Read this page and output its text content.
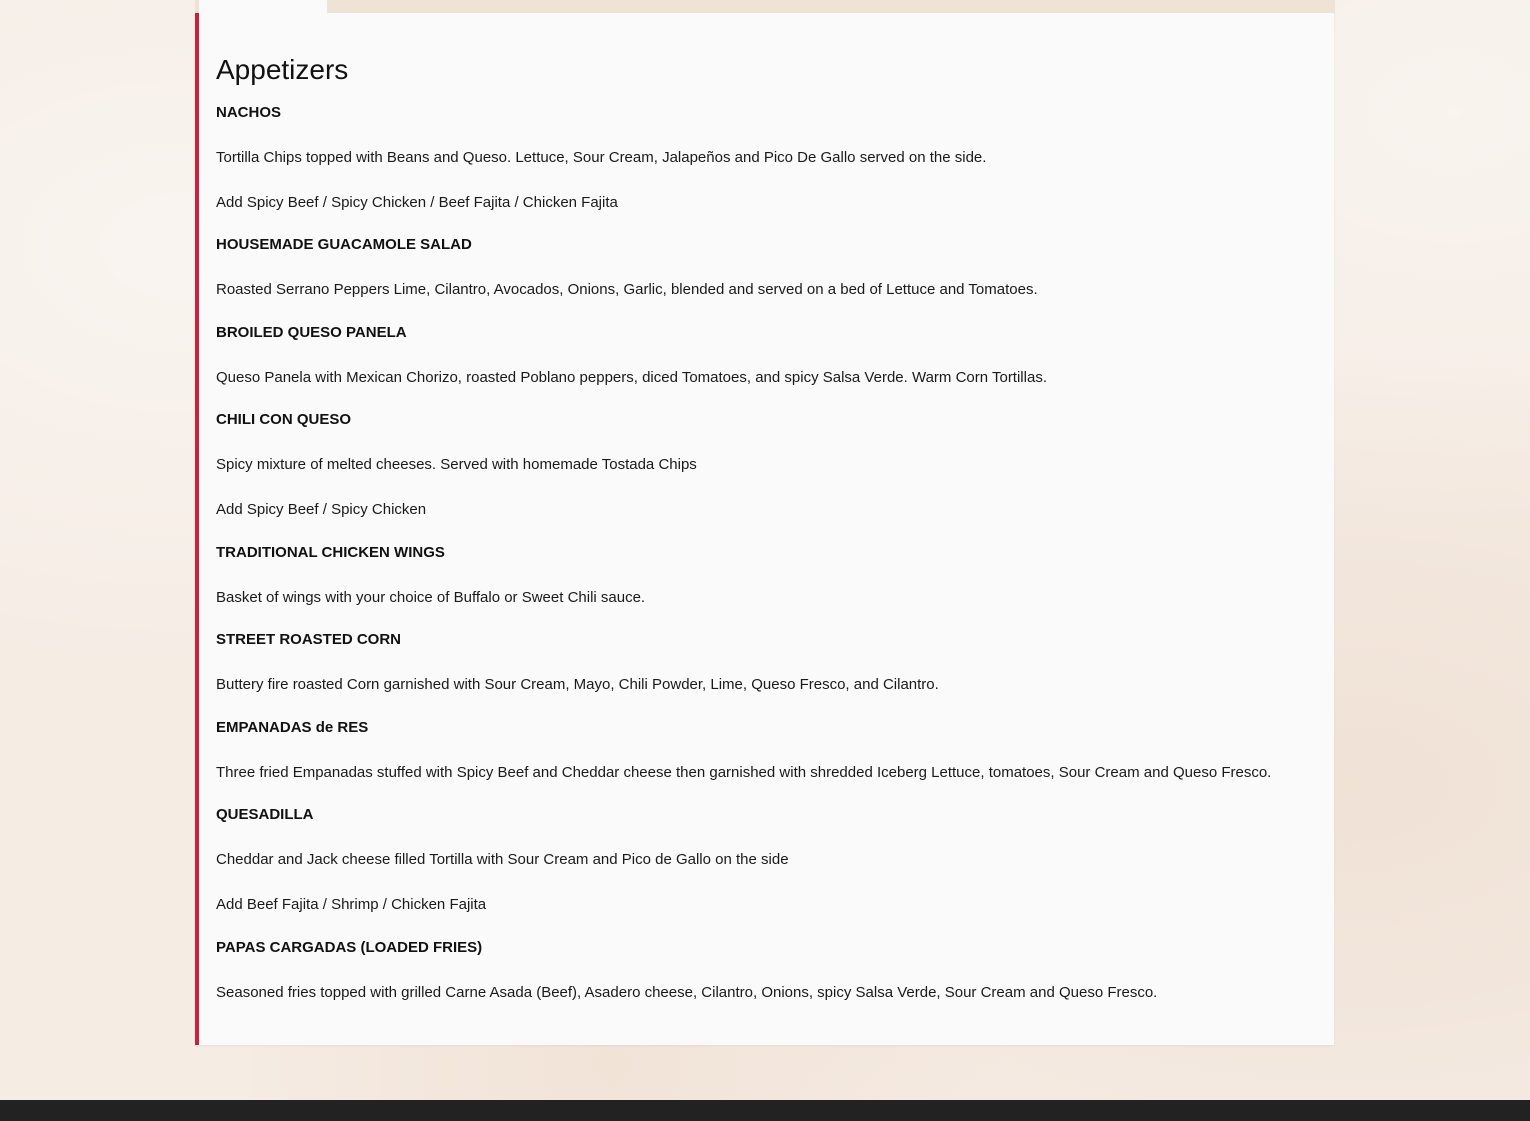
Appetizers
NACHOS

Tortilla Chips topped with Beans and Queso. Lettuce, Sour Cream, Jalapeños and Pico De Gallo served on the side.

Add Spicy Beef / Spicy Chicken / Beef Fajita / Chicken Fajita

HOUSEMADE GUACAMOLE SALAD

Roasted Serrano Peppers Lime, Cilantro, Avocados, Onions, Garlic, blended and served on a bed of Lettuce and Tomatoes.

BROILED QUESO PANELA

Queso Panela with Mexican Chorizo, roasted Poblano peppers, diced Tomatoes, and spicy Salsa Verde. Warm Corn Tortillas.

CHILI CON QUESO

Spicy mixture of melted cheeses. Served with homemade Tostada Chips

Add Spicy Beef / Spicy Chicken

TRADITIONAL CHICKEN WINGS

Basket of wings with your choice of Buffalo or Sweet Chili sauce.

STREET ROASTED CORN

Buttery fire roasted Corn garnished with Sour Cream, Mayo, Chili Powder, Lime, Queso Fresco, and Cilantro.

EMPANADAS de RES

Three fried Empanadas stuffed with Spicy Beef and Cheddar cheese then garnished with shredded Iceberg Lettuce, tomatoes, Sour Cream and Queso Fresco.

QUESADILLA

Cheddar and Jack cheese filled Tortilla with Sour Cream and Pico de Gallo on the side

Add Beef Fajita / Shrimp / Chicken Fajita

PAPAS CARGADAS (LOADED FRIES)

Seasoned fries topped with grilled Carne Asada (Beef), Asadero cheese, Cilantro, Onions, spicy Salsa Verde, Sour Cream and Queso Fresco.
